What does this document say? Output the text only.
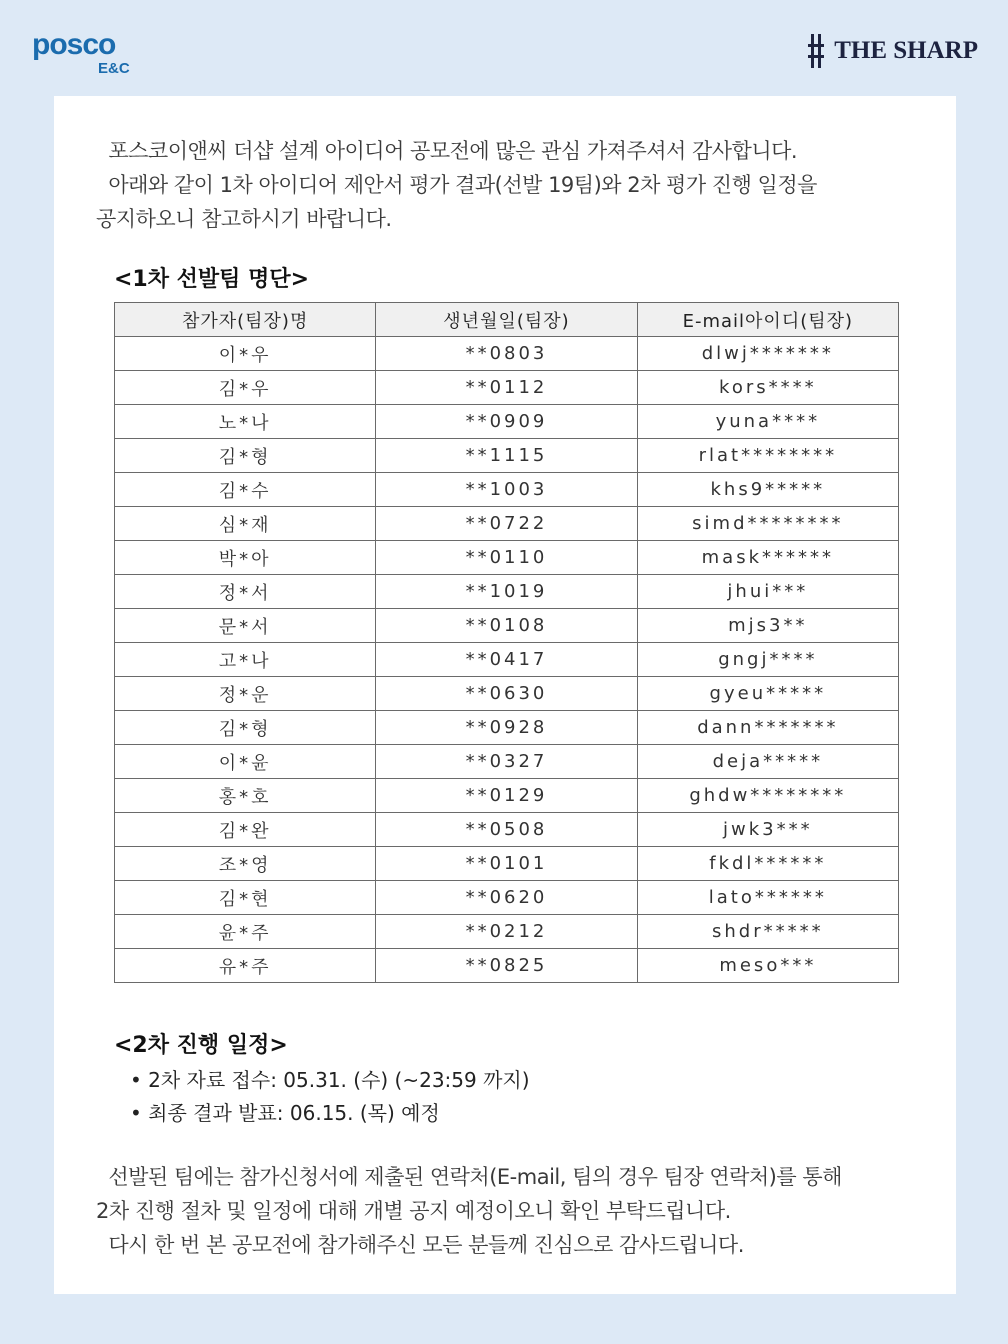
posco
E&C
THE SHARP
포스코이앤씨 더샵 설계 아이디어 공모전에 많은 관심 가져주셔서 감사합니다.
아래와 같이 1차 아이디어 제안서 평가 결과(선발 19팀)와 2차 평가 진행 일정을
공지하오니 참고하시기 바랍니다.
<1차 선발팀 명단>
참가자(팀장)명	생년월일(팀장)	E-mail아이디(팀장)
이*우	**0803	dlwj*******
김*우	**0112	kors****
노*나	**0909	yuna****
김*형	**1115	rlat********
김*수	**1003	khs9*****
심*재	**0722	simd********
박*아	**0110	mask******
정*서	**1019	jhui***
문*서	**0108	mjs3**
고*나	**0417	gngj****
정*운	**0630	gyeu*****
김*형	**0928	dann*******
이*윤	**0327	deja*****
홍*호	**0129	ghdw********
김*완	**0508	jwk3***
조*영	**0101	fkdl******
김*현	**0620	lato******
윤*주	**0212	shdr*****
유*주	**0825	meso***
<2차 진행 일정>
• 2차 자료 접수: 05.31. (수) (~23:59 까지)
• 최종 결과 발표: 06.15. (목) 예정
선발된 팀에는 참가신청서에 제출된 연락처(E-mail, 팀의 경우 팀장 연락처)를 통해
2차 진행 절차 및 일정에 대해 개별 공지 예정이오니 확인 부탁드립니다.
다시 한 번 본 공모전에 참가해주신 모든 분들께 진심으로 감사드립니다.
